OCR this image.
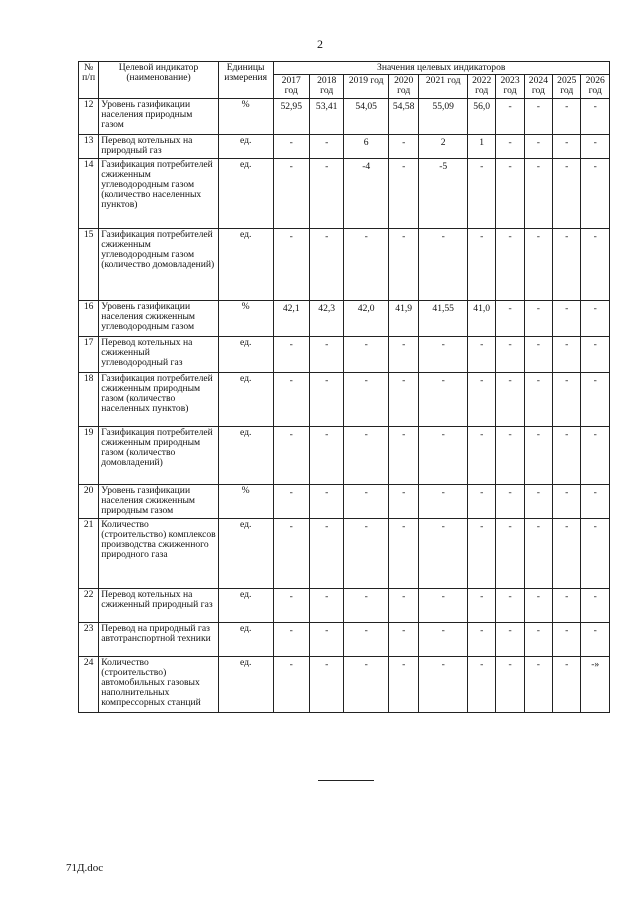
2
№ п/п	Целевой индикатор (наименование)	Единицы измерения	Значения целевых индикаторов									
			2017 год	2018 год	2019 год	2020 год	2021 год	2022 год	2023 год	2024 год	2025 год	2026 год
12	Уровень газификации населения природным газом	%	52,95	53,41	54,05	54,58	55,09	56,0	-	-	-	-
13	Перевод котельных на природный газ	ед.	-	-	6	-	2	1	-	-	-	-
14	Газификация потребителей сжиженным углеводородным газом (количество населенных пунктов)	ед.	-	-	-4	-	-5	-	-	-	-	-
15	Газификация потребителей сжиженным углеводородным газом (количество домовладений)	ед.	-	-	-	-	-	-	-	-	-	-
16	Уровень газификации населения сжиженным углеводородным газом	%	42,1	42,3	42,0	41,9	41,55	41,0	-	-	-	-
17	Перевод котельных на сжиженный углеводородный газ	ед.	-	-	-	-	-	-	-	-	-	-
18	Газификация потребителей сжиженным природным газом (количество населенных пунктов)	ед.	-	-	-	-	-	-	-	-	-	-
19	Газификация потребителей сжиженным природным газом (количество домовладений)	ед.	-	-	-	-	-	-	-	-	-	-
20	Уровень газификации населения сжиженным природным газом	%	-	-	-	-	-	-	-	-	-	-
21	Количество (строительство) комплексов производства сжиженного природного газа	ед.	-	-	-	-	-	-	-	-	-	-
22	Перевод котельных на сжиженный природный газ	ед.	-	-	-	-	-	-	-	-	-	-
23	Перевод на природный газ автотранспортной техники	ед.	-	-	-	-	-	-	-	-	-	-
24	Количество (строительство) автомобильных газовых наполнительных компрессорных станций	ед.	-	-	-	-	-	-	-	-	-	-»
71Д.doc
